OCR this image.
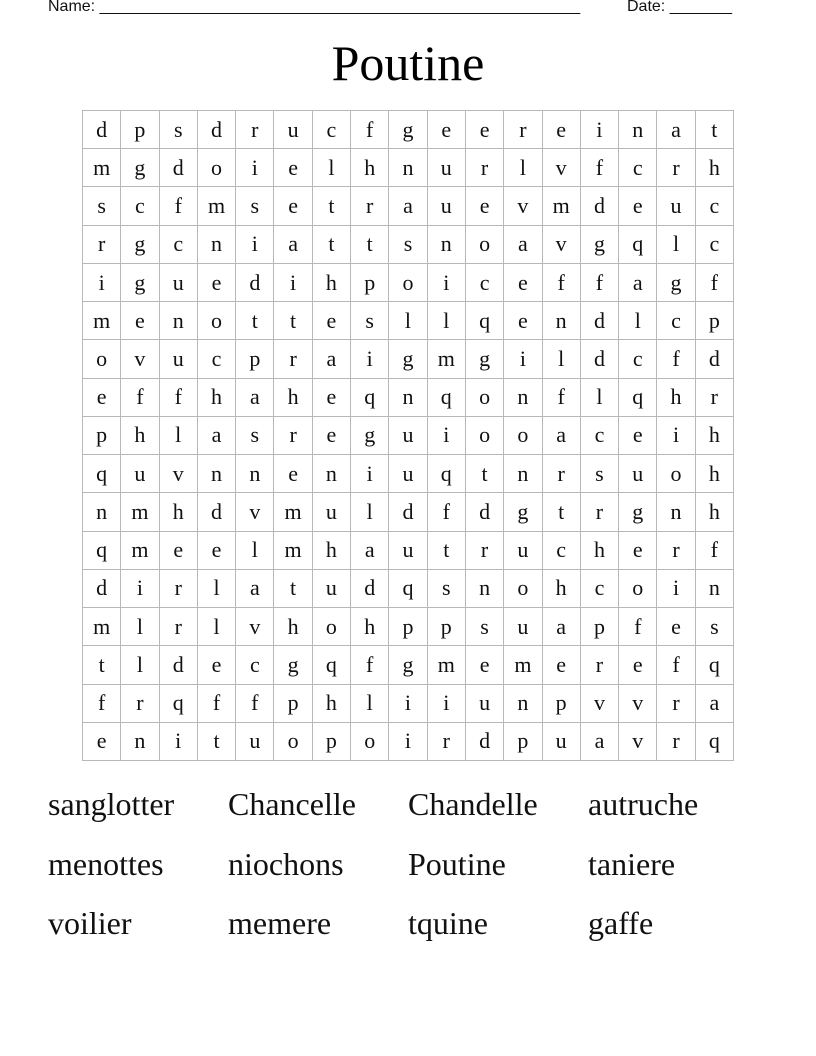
Name: ______________________________________________________	Date: _______
Poutine
d	p	s	d	r	u	c	f	g	e	e	r	e	i	n	a	t
m	g	d	o	i	e	l	h	n	u	r	l	v	f	c	r	h
s	c	f	m	s	e	t	r	a	u	e	v	m	d	e	u	c
r	g	c	n	i	a	t	t	s	n	o	a	v	g	q	l	c
i	g	u	e	d	i	h	p	o	i	c	e	f	f	a	g	f
m	e	n	o	t	t	e	s	l	l	q	e	n	d	l	c	p
o	v	u	c	p	r	a	i	g	m	g	i	l	d	c	f	d
e	f	f	h	a	h	e	q	n	q	o	n	f	l	q	h	r
p	h	l	a	s	r	e	g	u	i	o	o	a	c	e	i	h
q	u	v	n	n	e	n	i	u	q	t	n	r	s	u	o	h
n	m	h	d	v	m	u	l	d	f	d	g	t	r	g	n	h
q	m	e	e	l	m	h	a	u	t	r	u	c	h	e	r	f
d	i	r	l	a	t	u	d	q	s	n	o	h	c	o	i	n
m	l	r	l	v	h	o	h	p	p	s	u	a	p	f	e	s
t	l	d	e	c	g	q	f	g	m	e	m	e	r	e	f	q
f	r	q	f	f	p	h	l	i	i	u	n	p	v	v	r	a
e	n	i	t	u	o	p	o	i	r	d	p	u	a	v	r	q
sanglotter	Chancelle	Chandelle	autruche
menottes	niochons	Poutine	taniere
voilier	memere	tquine	gaffe
